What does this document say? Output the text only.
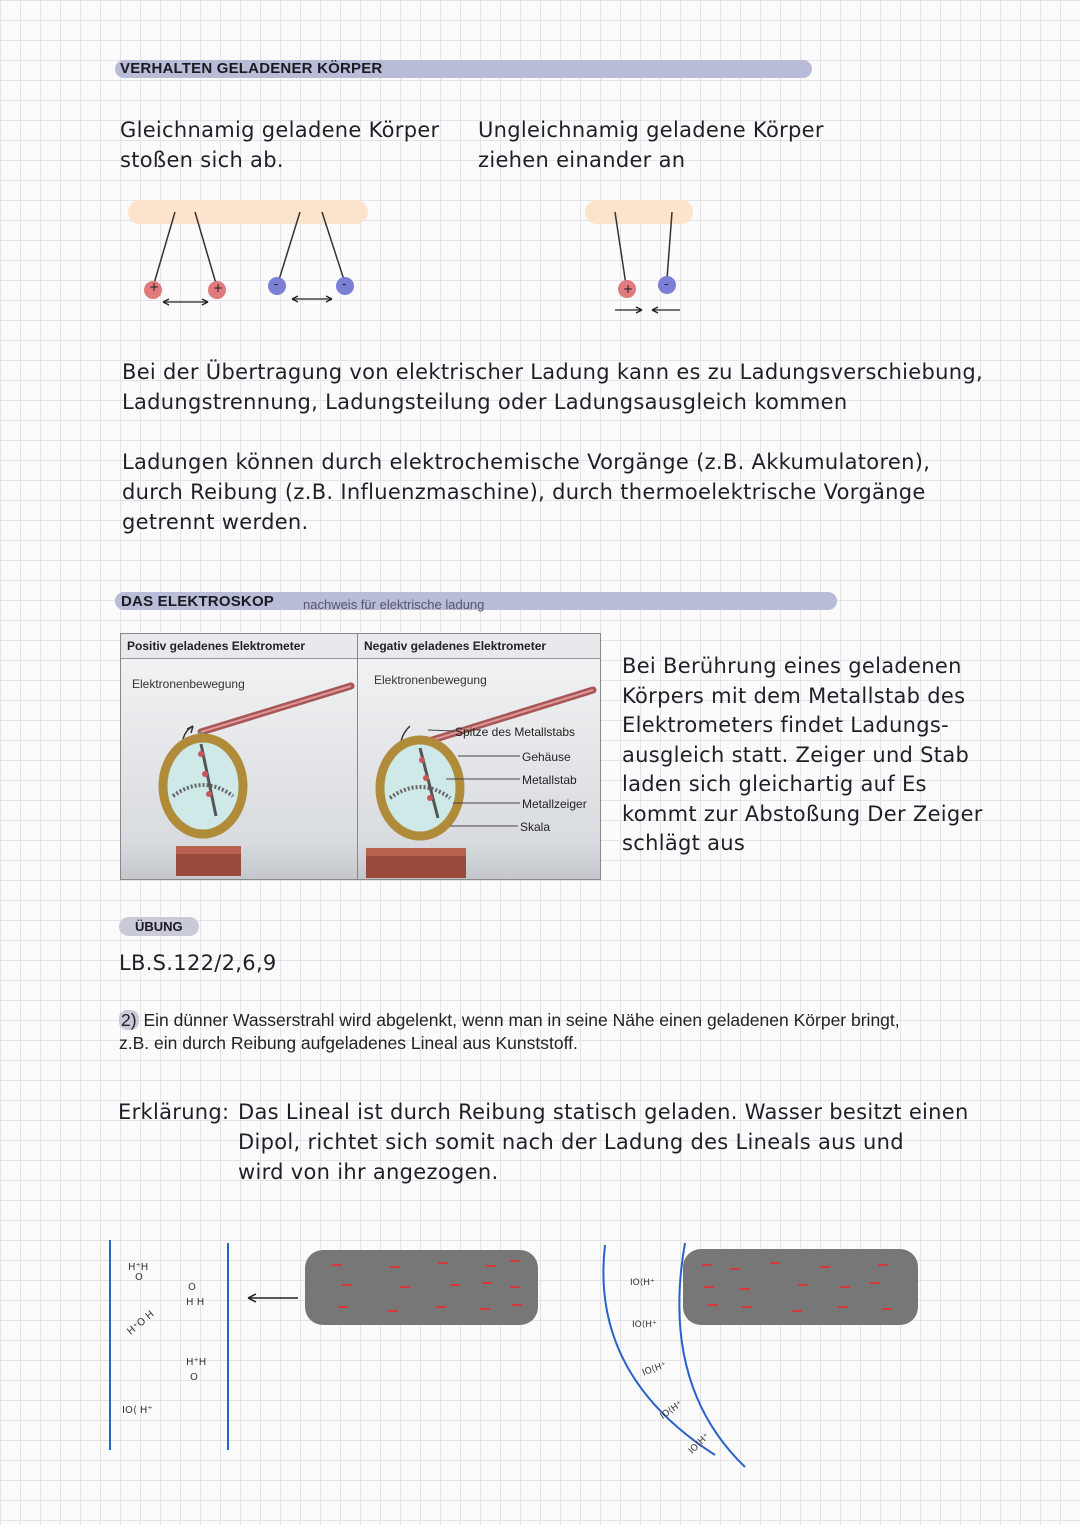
VERHALTEN GELADENER KÖRPER
Gleichnamig geladene Körper
stoßen sich ab.
Ungleichnamig geladene Körper
ziehen einander an
+	+	-	-	+	-
Bei der Übertragung von elektrischer Ladung kann es zu Ladungsverschiebung,
Ladungstrennung, Ladungsteilung oder Ladungsausgleich kommen
Ladungen können durch elektrochemische Vorgänge (z.B. Akkumulatoren),
durch Reibung (z.B. Influenzmaschine), durch thermoelektrische Vorgänge
getrennt werden.
DAS ELEKTROSKOP nachweis für elektrische ladung
Positiv geladenes Elektrometer
Elektronenbewegung
Negativ geladenes Elektrometer
Elektronenbewegung
Spitze des Metallstabs
Gehäuse
Metallstab
Metallzeiger
Skala
Bei Berührung eines geladenen
Körpers mit dem Metallstab des
Elektrometers findet Ladungs-
ausgleich statt. Zeiger und Stab
laden sich gleichartig auf Es
kommt zur Abstoßung Der Zeiger
schlägt aus
ÜBUNG
LB.S.122/2,6,9
2) Ein dünner Wasserstrahl wird abgelenkt, wenn man in seine Nähe einen geladenen Körper bringt,
z.B. ein durch Reibung aufgeladenes Lineal aus Kunststoff.
Erklärung: Das Lineal ist durch Reibung statisch geladen. Wasser besitzt einen
Dipol, richtet sich somit nach der Ladung des Lineals aus und
wird von ihr angezogen.
H⁺H
O
H⁺O H
IO⟨ H⁺
O
H H
H⁺H
O
IO⟨H⁺
IO⟨H⁺
IO⟨H⁺
IO⟨H⁺
IO⟨H⁺
